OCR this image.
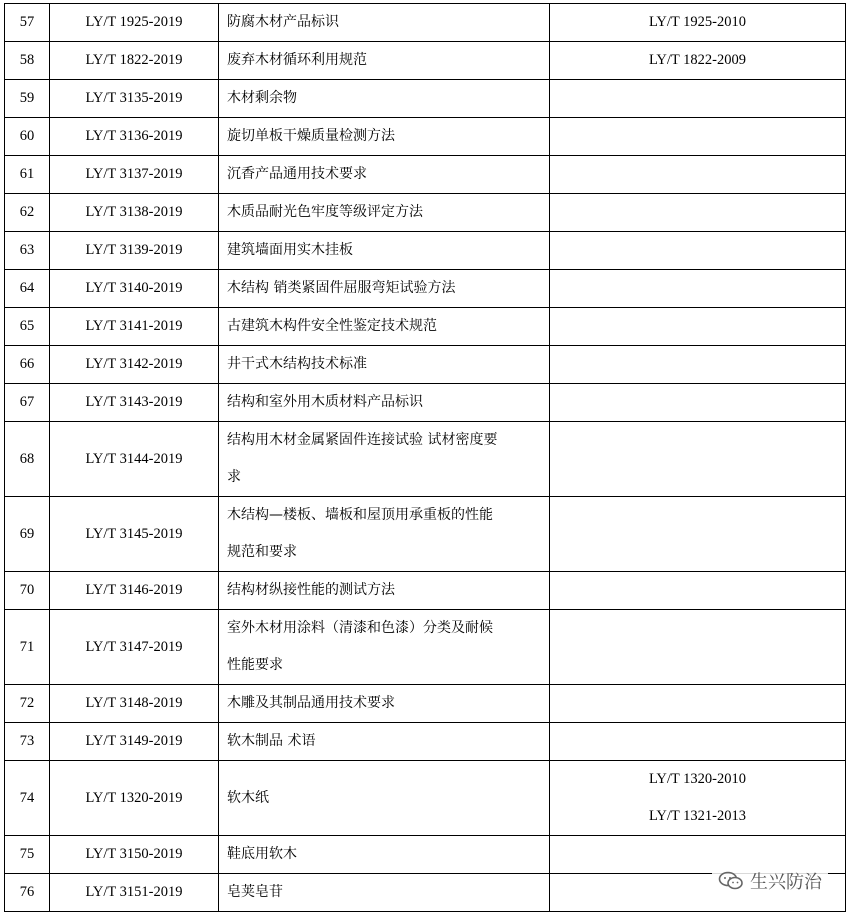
57	LY/T 1925-2019	防腐木材产品标识	LY/T 1925-2010

58	LY/T 1822-2019	废弃木材循环利用规范	LY/T 1822-2009

59	LY/T 3135-2019	木材剩余物	

60	LY/T 3136-2019	旋切单板干燥质量检测方法	

61	LY/T 3137-2019	沉香产品通用技术要求	

62	LY/T 3138-2019	木质品耐光色牢度等级评定方法	

63	LY/T 3139-2019	建筑墙面用实木挂板	

64	LY/T 3140-2019	木结构 销类紧固件屈服弯矩试验方法	

65	LY/T 3141-2019	古建筑木构件安全性鉴定技术规范	

66	LY/T 3142-2019	井干式木结构技术标准	

67	LY/T 3143-2019	结构和室外用木质材料产品标识	

68	LY/T 3144-2019	结构用木材金属紧固件连接试验 试材密度要
求	

69	LY/T 3145-2019	木结构—楼板、墙板和屋顶用承重板的性能
规范和要求	

70	LY/T 3146-2019	结构材纵接性能的测试方法	

71	LY/T 3147-2019	室外木材用涂料（清漆和色漆）分类及耐候
性能要求	

72	LY/T 3148-2019	木雕及其制品通用技术要求	

73	LY/T 3149-2019	软木制品 术语	

74	LY/T 1320-2019	软木纸	LY/T 1320-2010
LY/T 1321-2013

75	LY/T 3150-2019	鞋底用软木	

76	LY/T 3151-2019	皂荚皂苷	
		生兴防治
